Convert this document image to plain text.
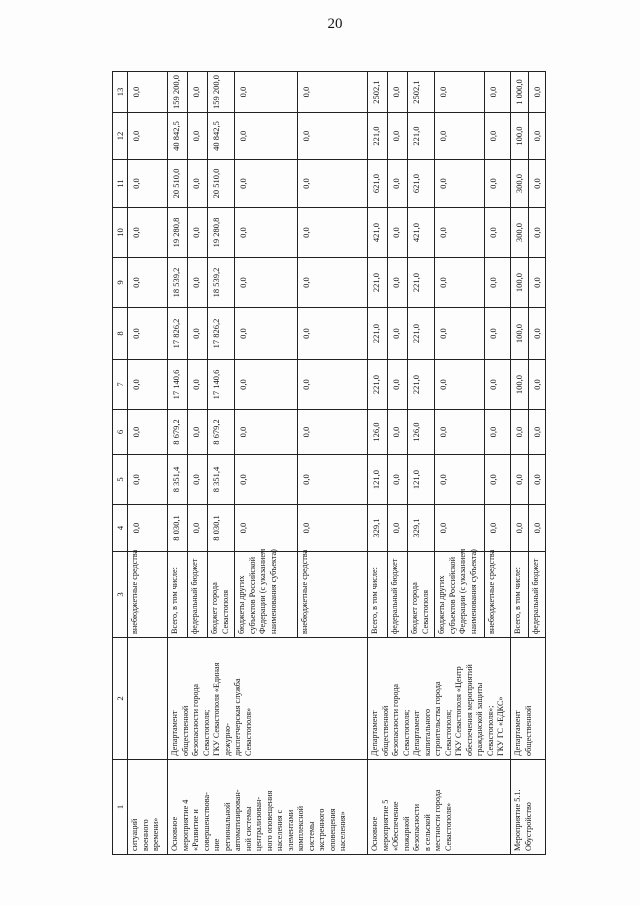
20
1
2
3
4
5
6
7
8
9
10
11
12
13
ситуаций
военного
времени»
внебюджетные средства
0,0
0,0
0,0
0,0
0,0
0,0
0,0
0,0
0,0
0,0
Основное
мероприятие 4
«Развитие и
совершенствова-
ние
региональной
автоматизирован-
ной системы
централизован-
ного оповещения
населения с
элементами
комплексной
системы
экстренного
оповещения
населения»
Департамент
общественной
безопасности города
Севастополя;
ГКУ Севастополя «Единая
дежурно-
диспетчерская служба
Севастополя»
Всего, в том числе:
8 030,1
8 351,4
8 679,2
17 140,6
17 826,2
18 539,2
19 280,8
20 510,0
40 842,5
159 200,0
федеральный бюджет
0,0
0,0
0,0
0,0
0,0
0,0
0,0
0,0
0,0
0,0
бюджет города
Севастополя
8 030,1
8 351,4
8 679,2
17 140,6
17 826,2
18 539,2
19 280,8
20 510,0
40 842,5
159 200,0
бюджеты других
субъектов Российской
Федерации (с указанием
наименования субъекта)
0,0
0,0
0,0
0,0
0,0
0,0
0,0
0,0
0,0
0,0
внебюджетные средства
0,0
0,0
0,0
0,0
0,0
0,0
0,0
0,0
0,0
0,0
Основное
мероприятие 5
«Обеспечение
пожарной
безопасности
в сельской
местности города
Севастополя»
Департамент
общественной
безопасности города
Севастополя;
Департамент
капитального
строительства города
Севастополя;
ГКУ Севастополя «Центр
обеспечения мероприятий
гражданской защиты
Севастополя»;
ГКУ ГС «ЕДКС»
Всего, в том числе:
329,1
121,0
126,0
221,0
221,0
221,0
421,0
621,0
221,0
2502,1
федеральный бюджет
0,0
0,0
0,0
0,0
0,0
0,0
0,0
0,0
0,0
0,0
бюджет города
Севастополя
329,1
121,0
126,0
221,0
221,0
221,0
421,0
621,0
221,0
2502,1
бюджеты других
субъектов Российской
Федерации (с указанием
наименования субъекта)
0,0
0,0
0,0
0,0
0,0
0,0
0,0
0,0
0,0
0,0
внебюджетные средства
0,0
0,0
0,0
0,0
0,0
0,0
0,0
0,0
0,0
0,0
Мероприятие 5.1.
Обустройство
Департамент
общественной
Всего, в том числе:
0,0
0,0
0,0
100,0
100,0
100,0
300,0
300,0
100,0
1 000,0
федеральный бюджет
0,0
0,0
0,0
0,0
0,0
0,0
0,0
0,0
0,0
0,0
